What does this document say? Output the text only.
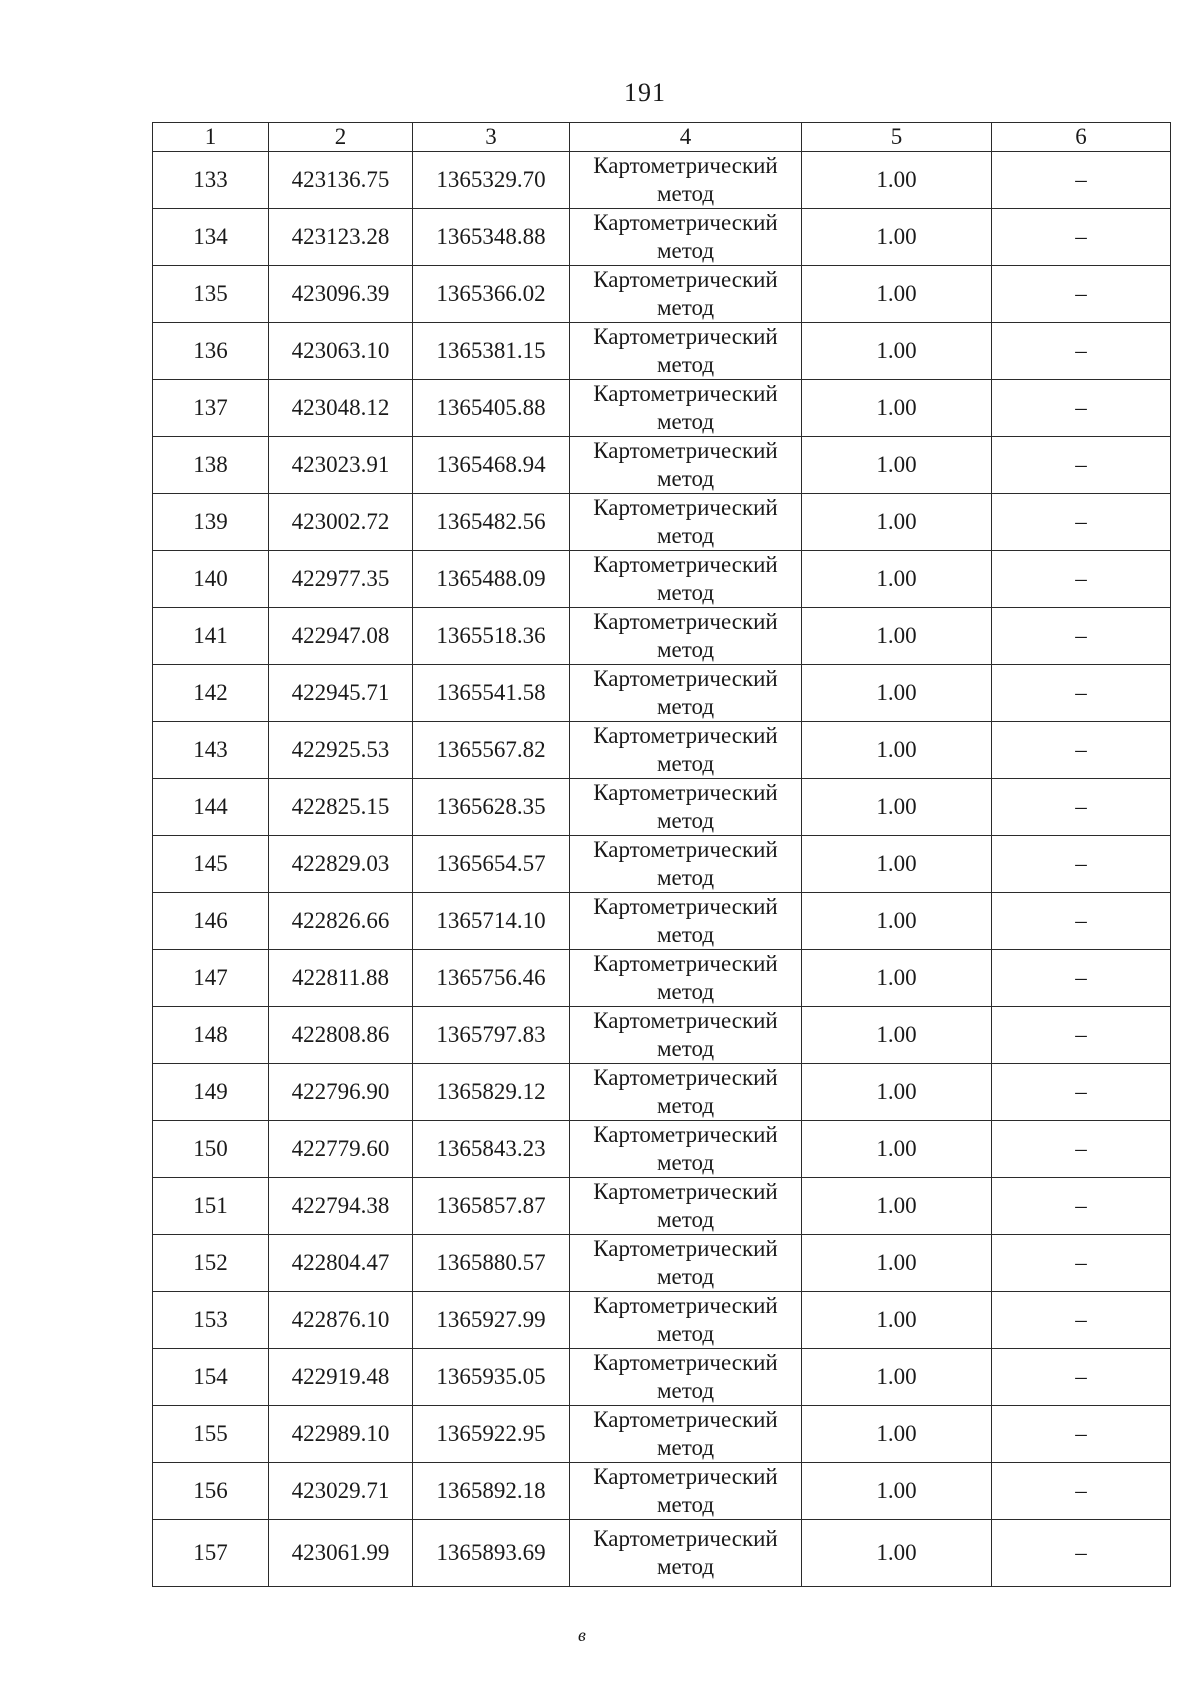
191
1	2	3	4	5	6
133	423136.75	1365329.70	Картометрический метод	1.00	–
134	423123.28	1365348.88	Картометрический метод	1.00	–
135	423096.39	1365366.02	Картометрический метод	1.00	–
136	423063.10	1365381.15	Картометрический метод	1.00	–
137	423048.12	1365405.88	Картометрический метод	1.00	–
138	423023.91	1365468.94	Картометрический метод	1.00	–
139	423002.72	1365482.56	Картометрический метод	1.00	–
140	422977.35	1365488.09	Картометрический метод	1.00	–
141	422947.08	1365518.36	Картометрический метод	1.00	–
142	422945.71	1365541.58	Картометрический метод	1.00	–
143	422925.53	1365567.82	Картометрический метод	1.00	–
144	422825.15	1365628.35	Картометрический метод	1.00	–
145	422829.03	1365654.57	Картометрический метод	1.00	–
146	422826.66	1365714.10	Картометрический метод	1.00	–
147	422811.88	1365756.46	Картометрический метод	1.00	–
148	422808.86	1365797.83	Картометрический метод	1.00	–
149	422796.90	1365829.12	Картометрический метод	1.00	–
150	422779.60	1365843.23	Картометрический метод	1.00	–
151	422794.38	1365857.87	Картометрический метод	1.00	–
152	422804.47	1365880.57	Картометрический метод	1.00	–
153	422876.10	1365927.99	Картометрический метод	1.00	–
154	422919.48	1365935.05	Картометрический метод	1.00	–
155	422989.10	1365922.95	Картометрический метод	1.00	–
156	423029.71	1365892.18	Картометрический метод	1.00	–
157	423061.99	1365893.69	Картометрический метод	1.00	–
в
